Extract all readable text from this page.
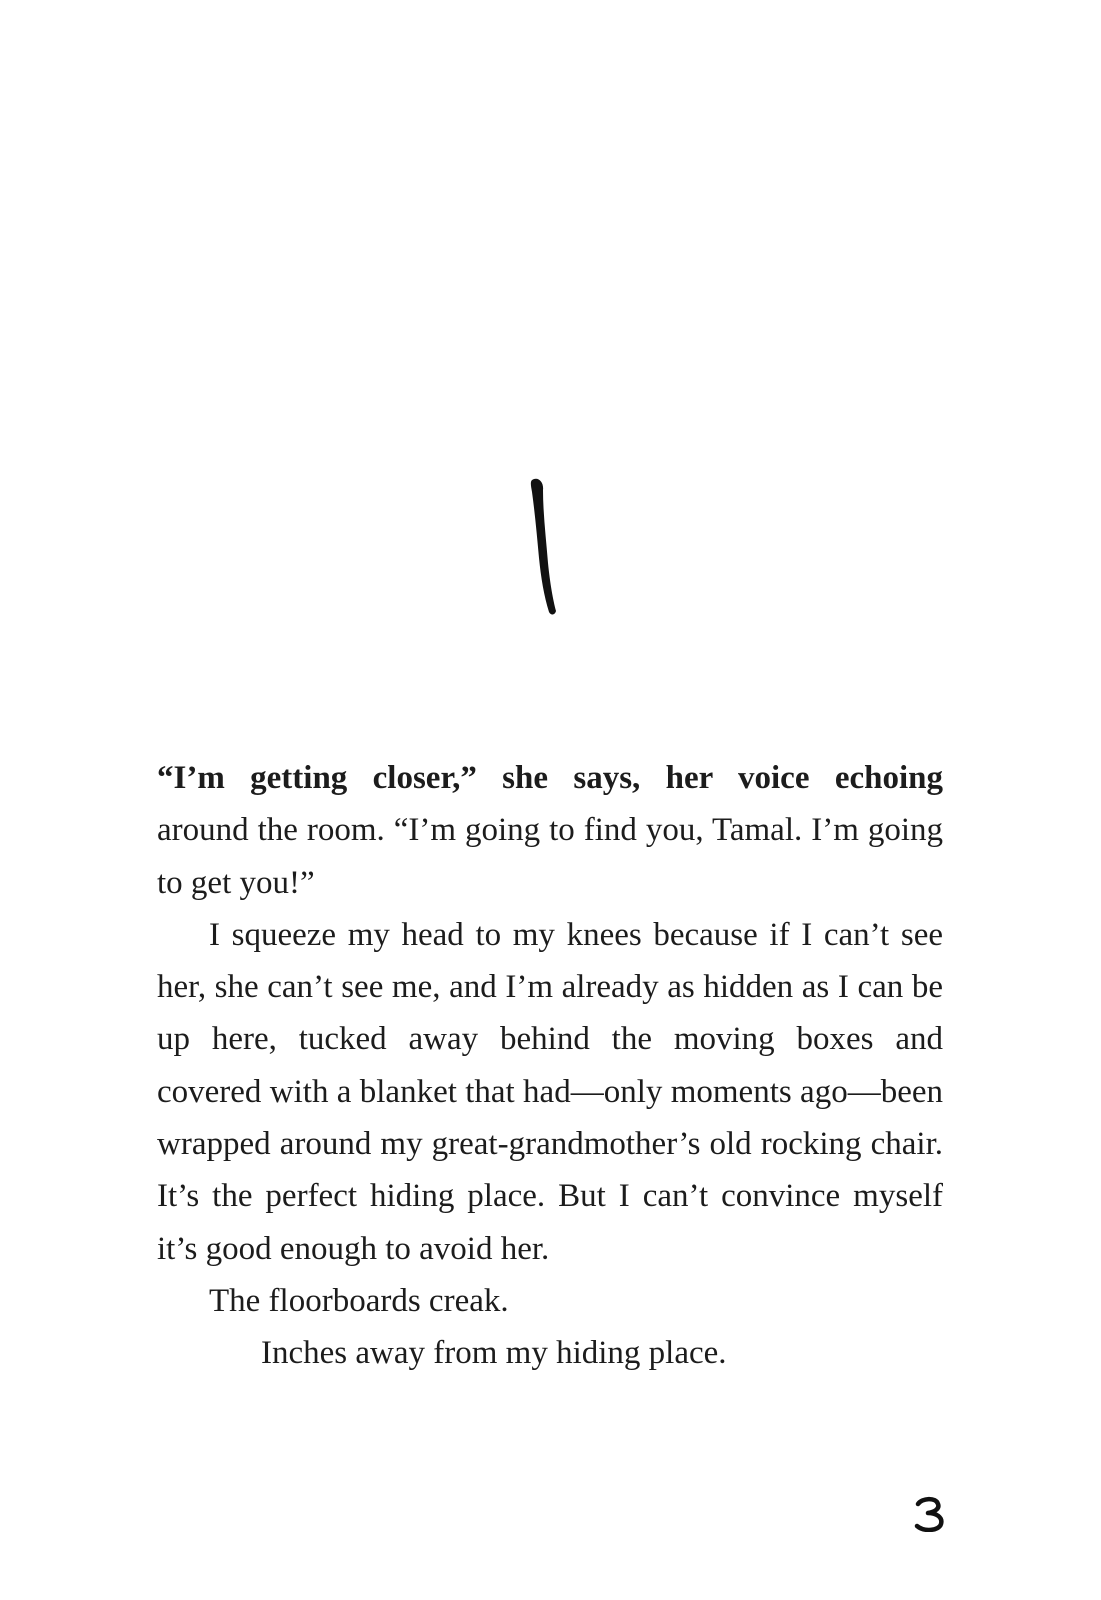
“I’m getting closer,” she says, her voice echoing
around the room. “I’m going to find you, Tamal. I’m going to get you!”

I squeeze my head to my knees because if I can’t see her, she can’t see me, and I’m already as hidden as I can be up here, tucked away behind the moving boxes and covered with a blanket that had—only moments ago—been wrapped around my great-grandmother’s old rocking chair. It’s the perfect hiding place. But I can’t convince myself it’s good enough to avoid her.

The floorboards creak.

Inches away from my hiding place.
